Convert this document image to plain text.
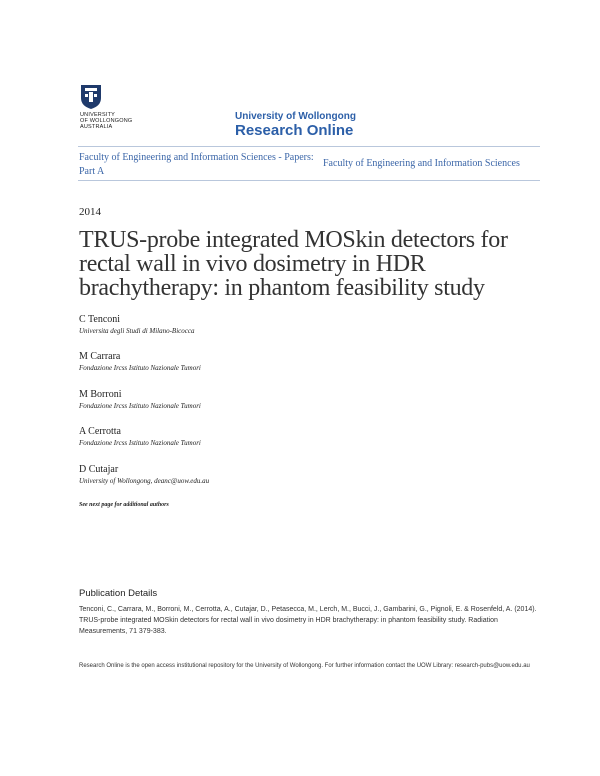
UNIVERSITY
OF WOLLONGONG
AUSTRALIA
University of Wollongong
Research Online
Faculty of Engineering and Information Sciences - Papers: Part A
Faculty of Engineering and Information Sciences
2014
TRUS-probe integrated MOSkin detectors for rectal wall in vivo dosimetry in HDR brachytherapy: in phantom feasibility study
C Tenconi
Universita degli Studi di Milano-Bicocca
M Carrara
Fondazione Ircss Istituto Nazionale Tumori
M Borroni
Fondazione Ircss Istituto Nazionale Tumori
A Cerrotta
Fondazione Ircss Istituto Nazionale Tumori
D Cutajar
University of Wollongong, deanc@uow.edu.au
See next page for additional authors
Publication Details
Tenconi, C., Carrara, M., Borroni, M., Cerrotta, A., Cutajar, D., Petasecca, M., Lerch, M., Bucci, J., Gambarini, G., Pignoli, E. & Rosenfeld, A. (2014). TRUS-probe integrated MOSkin detectors for rectal wall in vivo dosimetry in HDR brachytherapy: in phantom feasibility study. Radiation Measurements, 71 379-383.
Research Online is the open access institutional repository for the University of Wollongong. For further information contact the UOW Library: research-pubs@uow.edu.au
